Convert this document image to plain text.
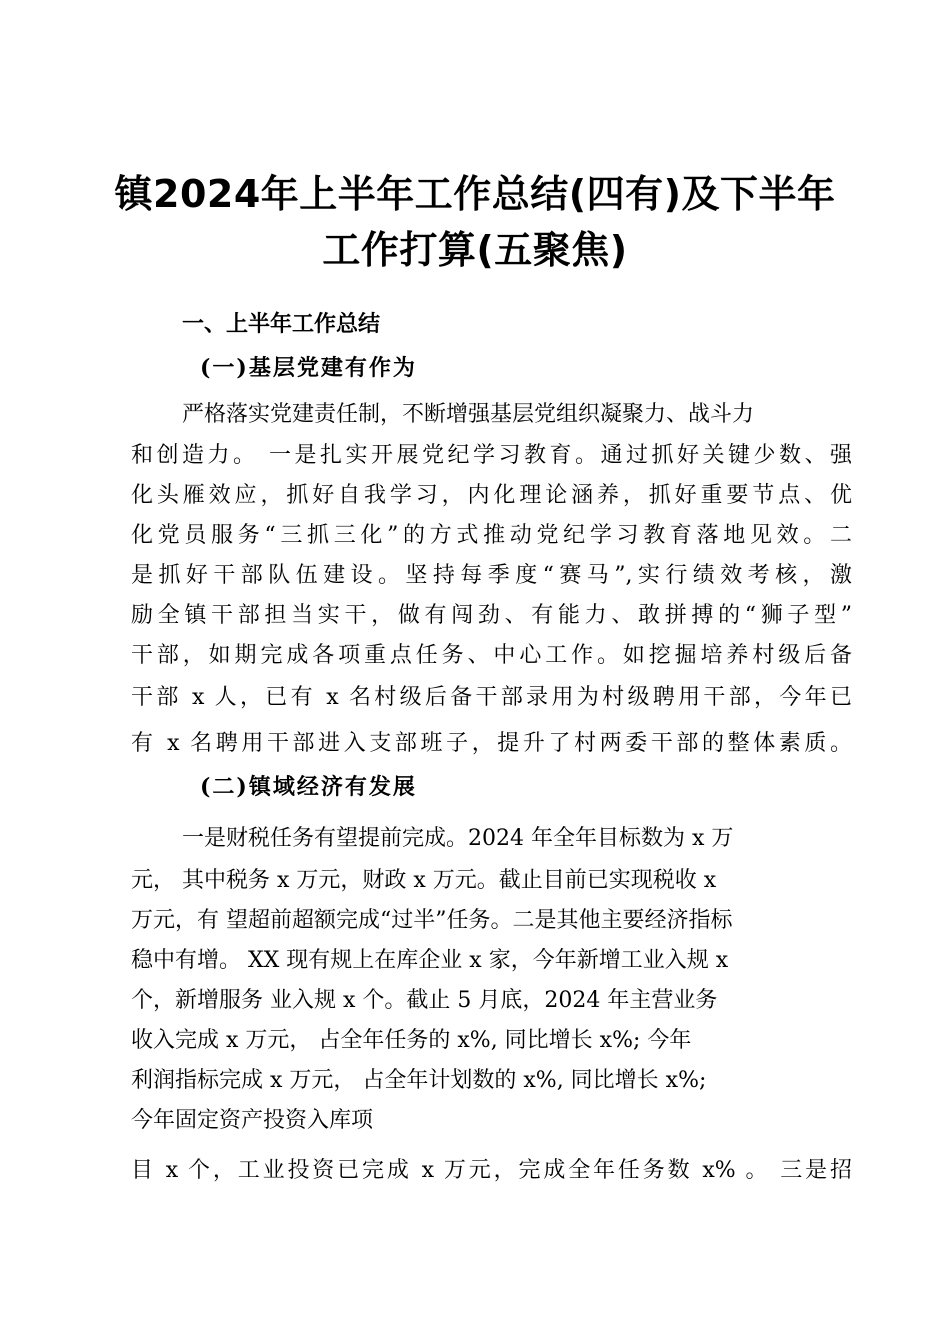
镇2024年上半年工作总结(四有)及下半年
工作打算(五聚焦)
一、上半年工作总结
(一)基层党建有作为
严格落实党建责任制，不断增强基层党组织凝聚力、战斗力
和创造力。 一是扎实开展党纪学习教育。通过抓好关键少数、强
化头雁效应，抓好自我学习，内化理论涵养，抓好重要节点、优
化党员服务“三抓三化”的方式推动党纪学习教育落地见效。二
是抓好干部队伍建设。坚持每季度“赛马”,实行绩效考核，激
励全镇干部担当实干，做有闯劲、有能力、敢拼搏的“狮子型”
干部，如期完成各项重点任务、中心工作。如挖掘培养村级后备
干部 x 人，已有 x 名村级后备干部录用为村级聘用干部，今年已
有 x 名聘用干部进入支部班子，提升了村两委干部的整体素质。
(二)镇域经济有发展
一是财税任务有望提前完成。2024 年全年目标数为 x 万
元， 其中税务 x 万元，财政 x 万元。截止目前已实现税收 x
万元，有 望超前超额完成“过半”任务。二是其他主要经济指标
稳中有增。 XX 现有规上在库企业 x 家，今年新增工业入规 x
个，新增服务 业入规 x 个。截止 5 月底，2024 年主营业务
收入完成 x 万元， 占全年任务的 x%, 同比增长 x%; 今年
利润指标完成 x 万元， 占全年计划数的 x%, 同比增长 x%;
今年固定资产投资入库项
目 x 个，工业投资已完成 x 万元，完成全年任务数 x% 。 三是招
